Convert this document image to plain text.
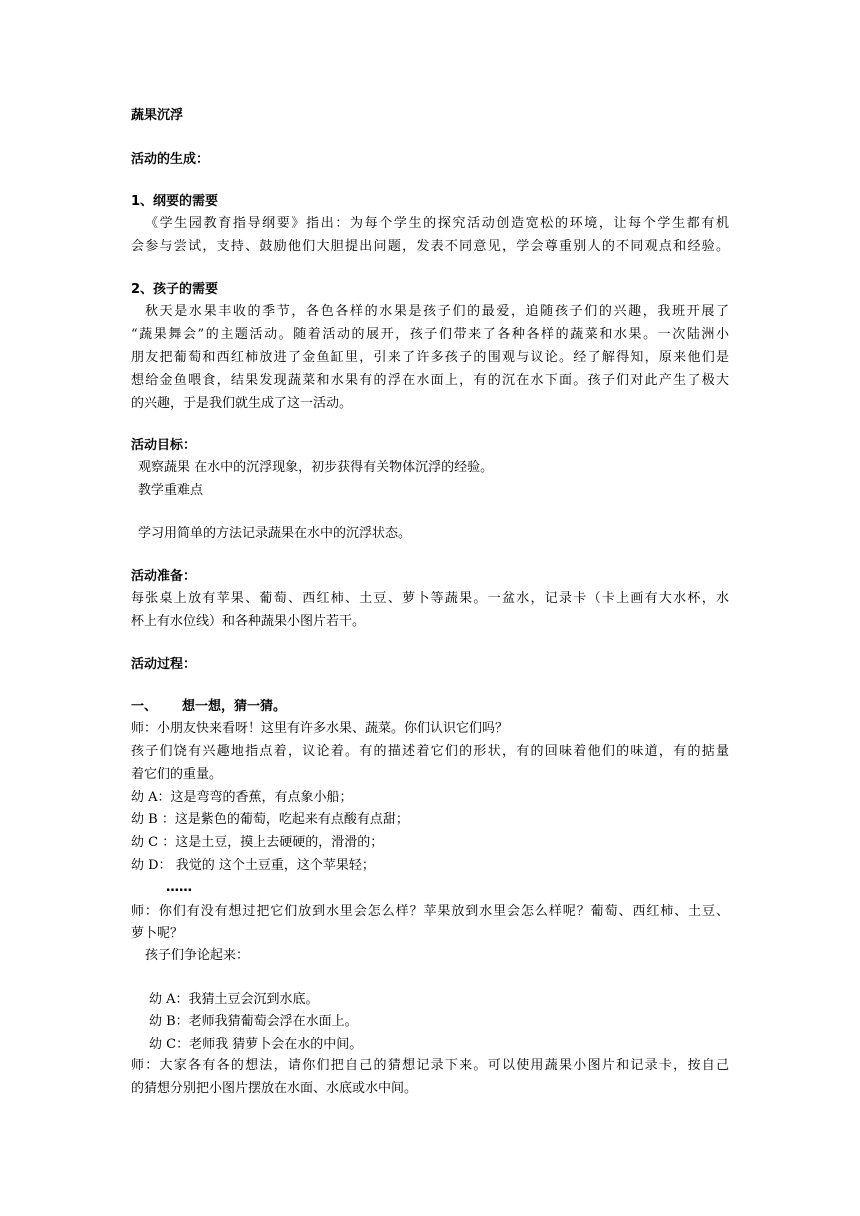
蔬果沉浮
活动的生成：
1、纲要的需要
《学生园教育指导纲要》指出：为每个学生的探究活动创造宽松的环境，让每个学生都有机
会参与尝试，支持、鼓励他们大胆提出问题，发表不同意见，学会尊重别人的不同观点和经验。
2、孩子的需要
秋天是水果丰收的季节，各色各样的水果是孩子们的最爱，追随孩子们的兴趣，我班开展了
“蔬果舞会”的主题活动。随着活动的展开，孩子们带来了各种各样的蔬菜和水果。一次陆洲小
朋友把葡萄和西红柿放进了金鱼缸里，引来了许多孩子的围观与议论。经了解得知，原来他们是
想给金鱼喂食，结果发现蔬菜和水果有的浮在水面上，有的沉在水下面。孩子们对此产生了极大
的兴趣，于是我们就生成了这一活动。
活动目标：
观察蔬果 在水中的沉浮现象，初步获得有关物体沉浮的经验。
教学重难点
学习用简单的方法记录蔬果在水中的沉浮状态。
活动准备：
每张桌上放有苹果、葡萄、西红柿、土豆、萝卜等蔬果。一盆水，记录卡（卡上画有大水杯，水
杯上有水位线）和各种蔬果小图片若干。
活动过程：
一、 想一想，猜一猜。
师：小朋友快来看呀！这里有许多水果、蔬菜。你们认识它们吗？
孩子们饶有兴趣地指点着，议论着。有的描述着它们的形状，有的回味着他们的味道，有的掂量
着它们的重量。
幼 A：这是弯弯的香蕉，有点象小船；
幼 B ：这是紫色的葡萄，吃起来有点酸有点甜；
幼 C ：这是土豆，摸上去硬硬的，滑滑的；
幼 D： 我觉的 这个土豆重，这个苹果轻；
……
师：你们有没有想过把它们放到水里会怎么样？苹果放到水里会怎么样呢？葡萄、西红柿、土豆、
萝卜呢？
孩子们争论起来：
幼 A：我猜土豆会沉到水底。
幼 B：老师我猜葡萄会浮在水面上。
幼 C：老师我 猜萝卜会在水的中间。
师：大家各有各的想法，请你们把自己的猜想记录下来。可以使用蔬果小图片和记录卡，按自己
的猜想分别把小图片摆放在水面、水底或水中间。
